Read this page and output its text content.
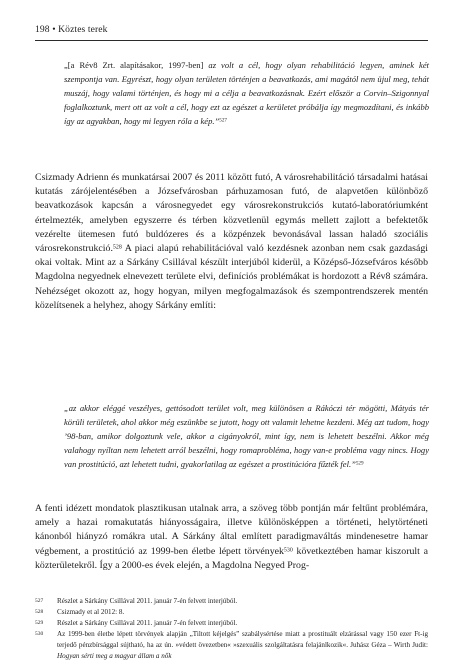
198 • Köztes terek
„[a Rév8 Zrt. alapításakor, 1997-ben] az volt a cél, hogy olyan rehabilitáció legyen, aminek két szempontja van. Egyrészt, hogy olyan területen történjen a beavatkozás, ami magától nem üjul meg, tehát muszáj, hogy valami történjen, és hogy mi a célja a beavatkozásnak. Ezért először a Corvin–Szigonnyal foglalkoztunk, mert ott az volt a cél, hogy ezt az egészet a kerületet próbálja így megmozdítani, és inkább így az agyakban, hogy mi legyen róla a kép.”$^{527}$
Csizmady Adrienn és munkatársai 2007 és 2011 között futó, A városrehabilitáció társadalmi hatásai kutatás zárójelentésében a Józsefvárosban párhuzamosan futó, de alapvetően különböző beavatkozások kapcsán a városnegyedet egy városrekonstrukciós kutató-laboratóriumként értelmezték, amelyben egyszerre és térben közvetlenül egymás mellett zajlott a befektetők vezérelte ütemesen futó buldózeres és a közpénzek bevonásával lassan haladó szociális városrekonstrukció.$^{528}$ A piaci alapú rehabilitációval való kezdésnek azonban nem csak gazdasági okai voltak. Mint az a Sárkány Csillával készült interjúból kiderül, a Középső-Józsefváros később Magdolna negyednek elnevezett területe elvi, definíciós problémákat is hordozott a Rév8 számára. Nehézséget okozott az, hogy hogyan, milyen megfogalmazások és szempontrendszerek mentén közelítsenek a helyhez, ahogy Sárkány említi:
„az akkor eléggé veszélyes, gettósodott terület volt, meg különösen a Rákóczi tér mögötti, Mátyás tér körüli területek, ahol akkor még eszünkbe se jutott, hogy ott valamit lehetne kezdeni. Még azt tudom, hogy ’98-ban, amikor dolgoztunk vele, akkor a cigányokról, mint így, nem is lehetett beszélni. Akkor még valahogy nyíltan nem lehetett arról beszélni, hogy romaprobléma, hogy van-e probléma vagy nincs. Hogy van prostitúció, azt lehetett tudni, gyakorlatilag az egészet a prostitúcióra fűzték fel.”$^{529}$
A fenti idézett mondatok plasztikusan utalnak arra, a szöveg több pontján már feltűnt problémára, amely a hazai romakutatás hiányosságaira, illetve különösképpen a történeti, helytörténeti kánonból hiányzó romákra utal. A Sárkány által említett paradigmaváltás mindenesetre hamar végbement, a prostitúció az 1999-ben életbe lépett törvények$^{530}$ következtében hamar kiszorult a közterületekről. Így a 2000-es évek elején, a Magdolna Negyed Prog-
527 Részlet a Sárkány Csillával 2011. január 7-én felvett interjúból.
528 Csizmady et al 2012: 8.
529 Részlet a Sárkány Csillával 2011. január 7-én felvett interjúból.
530 Az 1999-ben életbe lépett törvények alapján „Tiltott kéjelgés” szabálysértése miatt a prostituált elzárással vagy 150 ezer Ft-ig terjedő pénzbírsággal sújtható, ha az ún. »védett övezetben« »szexuális szolgáltatásra felajánlkozik«. Juhász Géza – Wirth Judit: Hogyan sérti meg a magyar állam a nők
